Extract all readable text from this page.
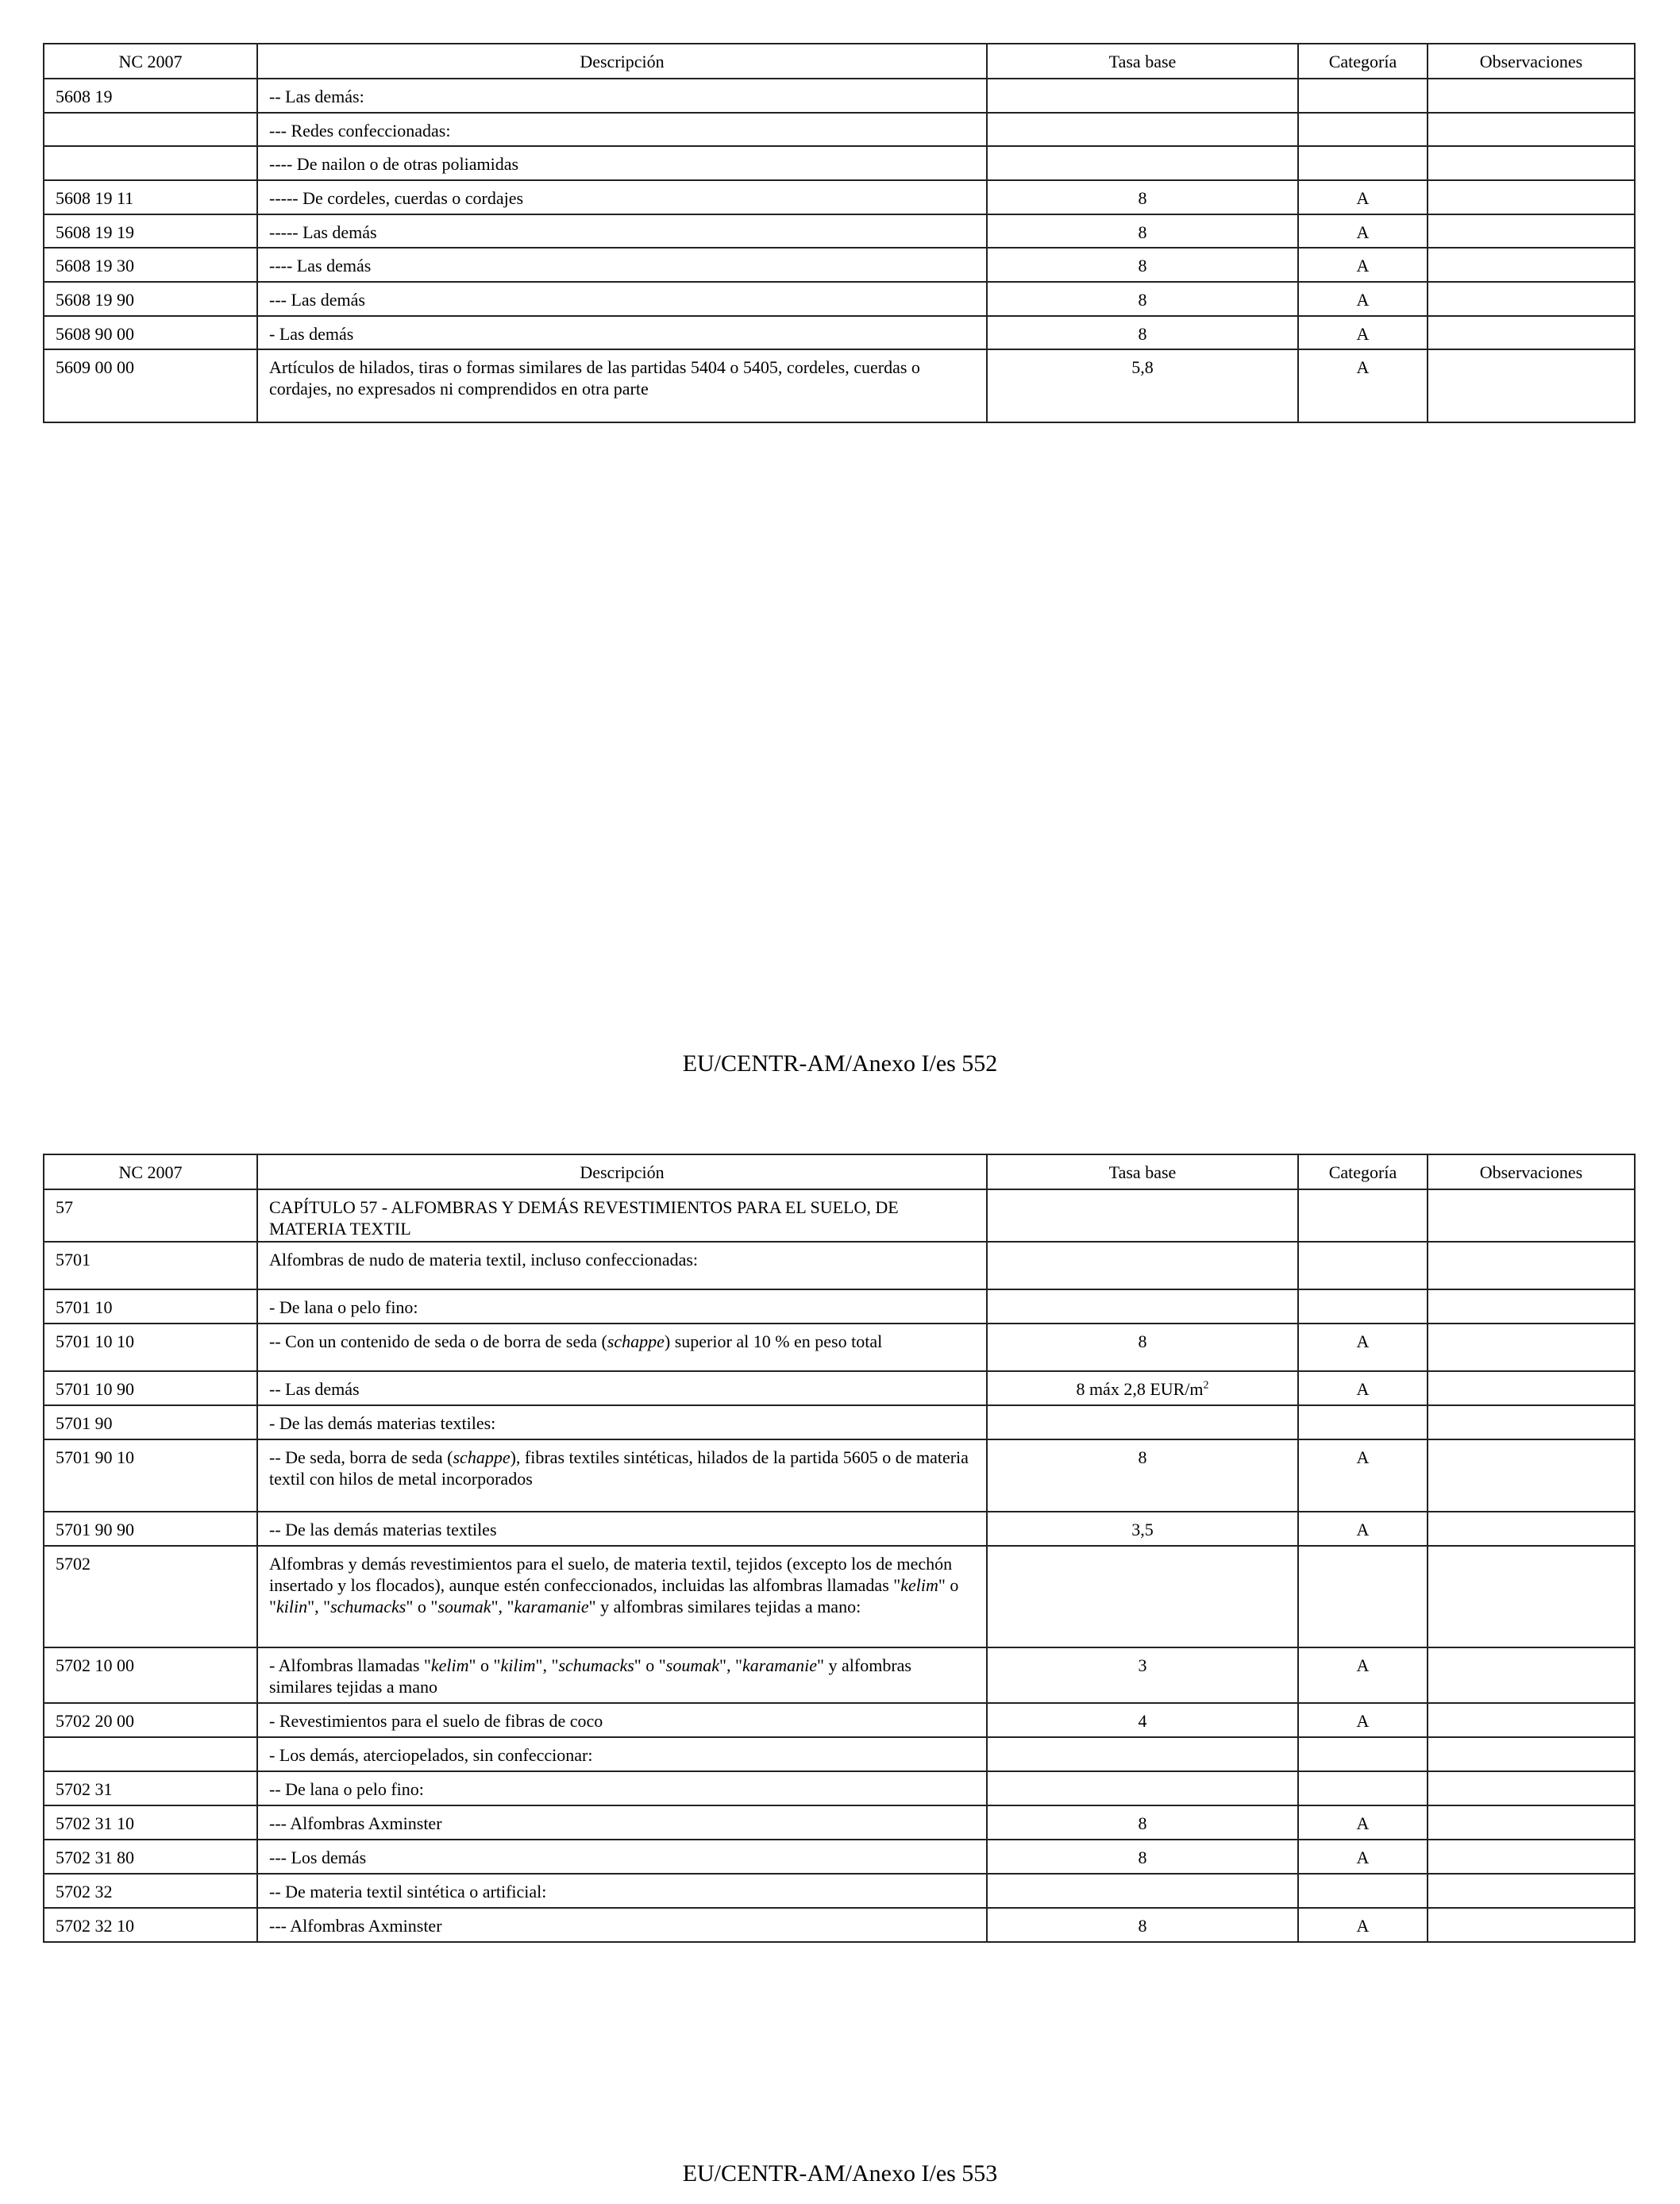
NC 2007	Descripción	Tasa base	Categoría	Observaciones
5608 19	-- Las demás:			
	--- Redes confeccionadas:			
	---- De nailon o de otras poliamidas			
5608 19 11	----- De cordeles, cuerdas o cordajes	8	A	
5608 19 19	----- Las demás	8	A	
5608 19 30	---- Las demás	8	A	
5608 19 90	--- Las demás	8	A	
5608 90 00	- Las demás	8	A	
5609 00 00	Artículos de hilados, tiras o formas similares de las partidas 5404 o 5405, cordeles, cuerdas o cordajes, no expresados ni comprendidos en otra parte	5,8	A	
EU/CENTR-AM/Anexo I/es 552
NC 2007	Descripción	Tasa base	Categoría	Observaciones
57	CAPÍTULO 57 - ALFOMBRAS Y DEMÁS REVESTIMIENTOS PARA EL SUELO, DE MATERIA TEXTIL			
5701	Alfombras de nudo de materia textil, incluso confeccionadas:			
5701 10	- De lana o pelo fino:			
5701 10 10	-- Con un contenido de seda o de borra de seda (schappe) superior al 10 % en peso total	8	A	
5701 10 90	-- Las demás	8 máx 2,8 EUR/$m^2$	A	
5701 90	- De las demás materias textiles:			
5701 90 10	-- De seda, borra de seda (schappe), fibras textiles sintéticas, hilados de la partida 5605 o de materia textil con hilos de metal incorporados	8	A	
5701 90 90	-- De las demás materias textiles	3,5	A	
5702	Alfombras y demás revestimientos para el suelo, de materia textil, tejidos (excepto los de mechón insertado y los flocados), aunque estén confeccionados, incluidas las alfombras llamadas "kelim" o "kilin", "schumacks" o "soumak", "karamanie" y alfombras similares tejidas a mano:			
5702 10 00	- Alfombras llamadas "kelim" o "kilim", "schumacks" o "soumak", "karamanie" y alfombras similares tejidas a mano	3	A	
5702 20 00	- Revestimientos para el suelo de fibras de coco	4	A	
	- Los demás, aterciopelados, sin confeccionar:			
5702 31	-- De lana o pelo fino:			
5702 31 10	--- Alfombras Axminster	8	A	
5702 31 80	--- Los demás	8	A	
5702 32	-- De materia textil sintética o artificial:			
5702 32 10	--- Alfombras Axminster	8	A	
EU/CENTR-AM/Anexo I/es 553
